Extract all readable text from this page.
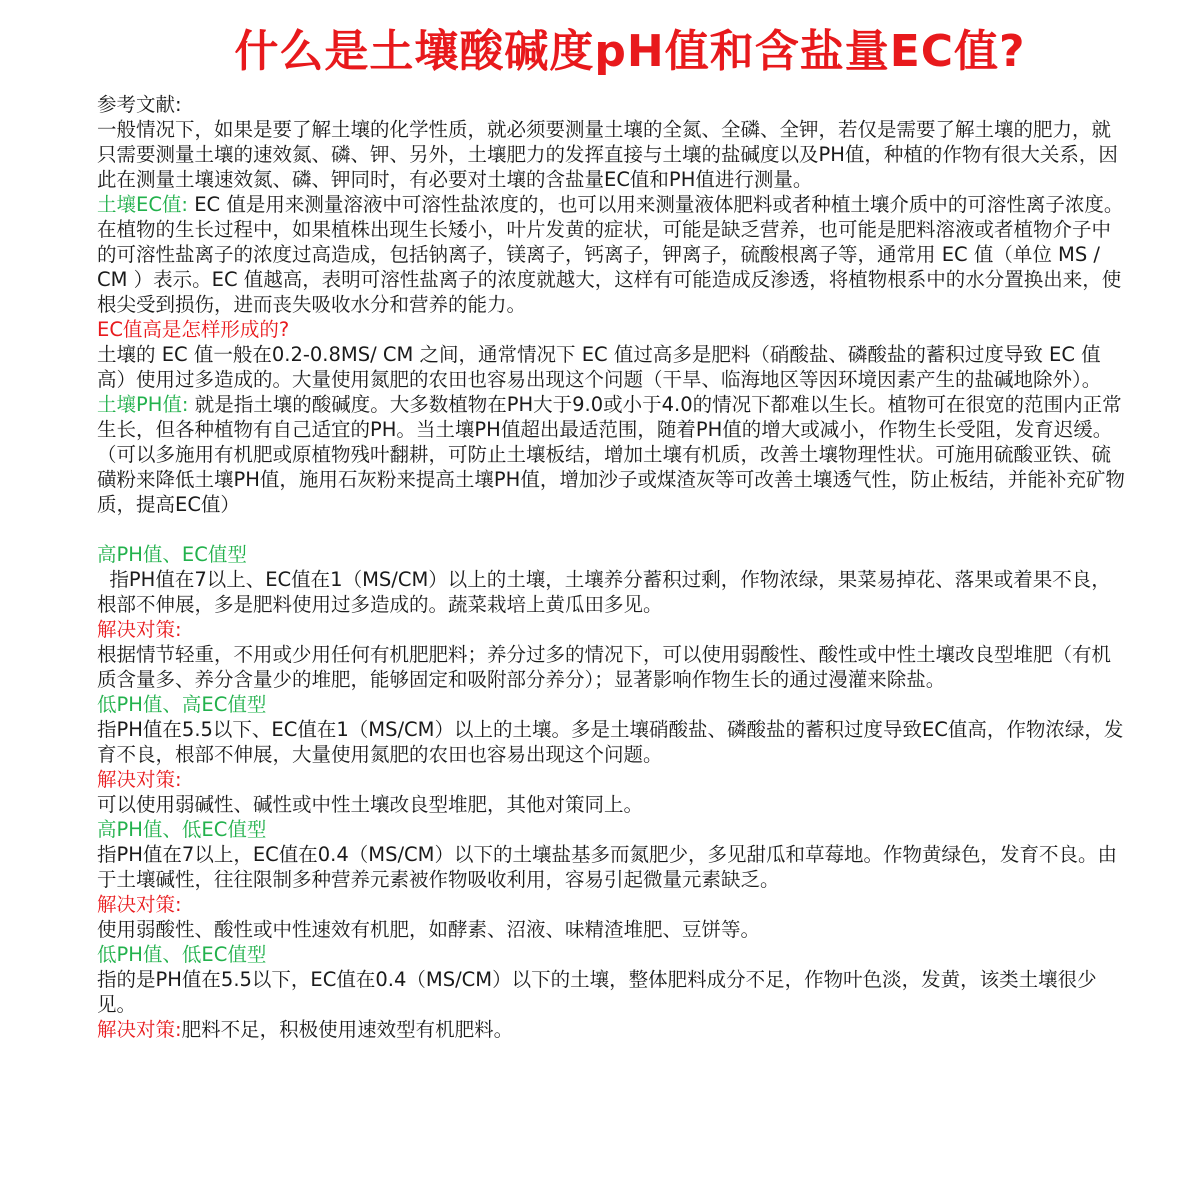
什么是土壤酸碱度pH值和含盐量EC值?

参考文献:

一般情况下，如果是要了解土壤的化学性质，就必须要测量土壤的全氮、全磷、全钾，若仅是需要了解土壤的肥力，就只需要测量土壤的速效氮、磷、钾、另外，土壤肥力的发挥直接与土壤的盐碱度以及PH值，种植的作物有很大关系，因此在测量土壤速效氮、磷、钾同时，有必要对土壤的含盐量EC值和PH值进行测量。

土壤EC值: EC 值是用来测量溶液中可溶性盐浓度的，也可以用来测量液体肥料或者种植土壤介质中的可溶性离子浓度。在植物的生长过程中，如果植株出现生长矮小，叶片发黄的症状，可能是缺乏营养，也可能是肥料溶液或者植物介子中的可溶性盐离子的浓度过高造成，包括钠离子，镁离子，钙离子，钾离子，硫酸根离子等，通常用 EC 值（单位 MS / CM ）表示。EC 值越高，表明可溶性盐离子的浓度就越大，这样有可能造成反渗透，将植物根系中的水分置换出来，使根尖受到损伤，进而丧失吸收水分和营养的能力。

EC值高是怎样形成的?

土壤的 EC 值一般在0.2-0.8MS/ CM 之间，通常情况下 EC 值过高多是肥料（硝酸盐、磷酸盐的蓄积过度导致 EC 值高）使用过多造成的。大量使用氮肥的农田也容易出现这个问题（干旱、临海地区等因环境因素产生的盐碱地除外）。

土壤PH值: 就是指土壤的酸碱度。大多数植物在PH大于9.0或小于4.0的情况下都难以生长。植物可在很宽的范围内正常生长，但各种植物有自己适宜的PH。当土壤PH值超出最适范围，随着PH值的增大或减小，作物生长受阻，发育迟缓。

（可以多施用有机肥或原植物残叶翻耕，可防止土壤板结，增加土壤有机质，改善土壤物理性状。可施用硫酸亚铁、硫磺粉来降低土壤PH值，施用石灰粉来提高土壤PH值，增加沙子或煤渣灰等可改善土壤透气性，防止板结，并能补充矿物质，提高EC值）

高PH值、EC值型

指PH值在7以上、EC值在1（MS/CM）以上的土壤，土壤养分蓄积过剩，作物浓绿，果菜易掉花、落果或着果不良，根部不伸展，多是肥料使用过多造成的。蔬菜栽培上黄瓜田多见。

解决对策:

根据情节轻重，不用或少用任何有机肥肥料；养分过多的情况下，可以使用弱酸性、酸性或中性土壤改良型堆肥（有机质含量多、养分含量少的堆肥，能够固定和吸附部分养分）；显著影响作物生长的通过漫灌来除盐。

低PH值、高EC值型

指PH值在5.5以下、EC值在1（MS/CM）以上的土壤。多是土壤硝酸盐、磷酸盐的蓄积过度导致EC值高，作物浓绿，发育不良，根部不伸展，大量使用氮肥的农田也容易出现这个问题。

解决对策:

可以使用弱碱性、碱性或中性土壤改良型堆肥，其他对策同上。

高PH值、低EC值型

指PH值在7以上，EC值在0.4（MS/CM）以下的土壤盐基多而氮肥少，多见甜瓜和草莓地。作物黄绿色，发育不良。由于土壤碱性，往往限制多种营养元素被作物吸收利用，容易引起微量元素缺乏。

解决对策:

使用弱酸性、酸性或中性速效有机肥，如酵素、沼液、味精渣堆肥、豆饼等。

低PH值、低EC值型

指的是PH值在5.5以下，EC值在0.4（MS/CM）以下的土壤，整体肥料成分不足，作物叶色淡，发黄，该类土壤很少见。

解决对策:肥料不足，积极使用速效型有机肥料。
